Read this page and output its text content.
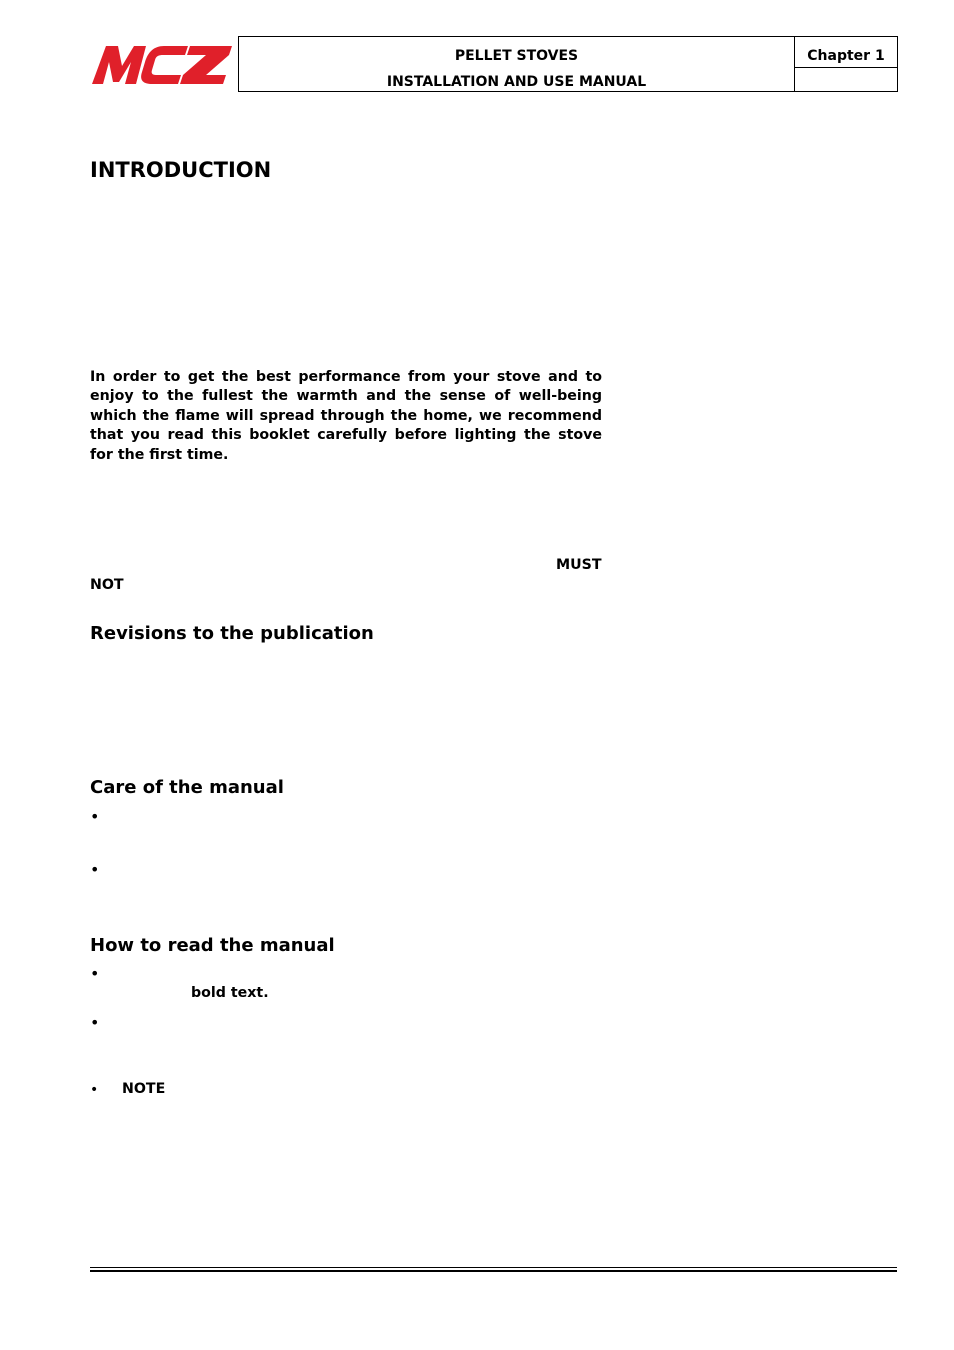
PELLET STOVES
INSTALLATION AND USE MANUAL
Chapter 1
INTRODUCTION
In order to get the best performance from your stove and to enjoy to the fullest the warmth and the sense of well-being which the flame will spread through the home, we recommend that you read this booklet carefully before lighting the stove for the first time.
MUST
NOT
Revisions to the publication
Care of the manual
How to read the manual
•
•
•
bold text.
•
• NOTE
